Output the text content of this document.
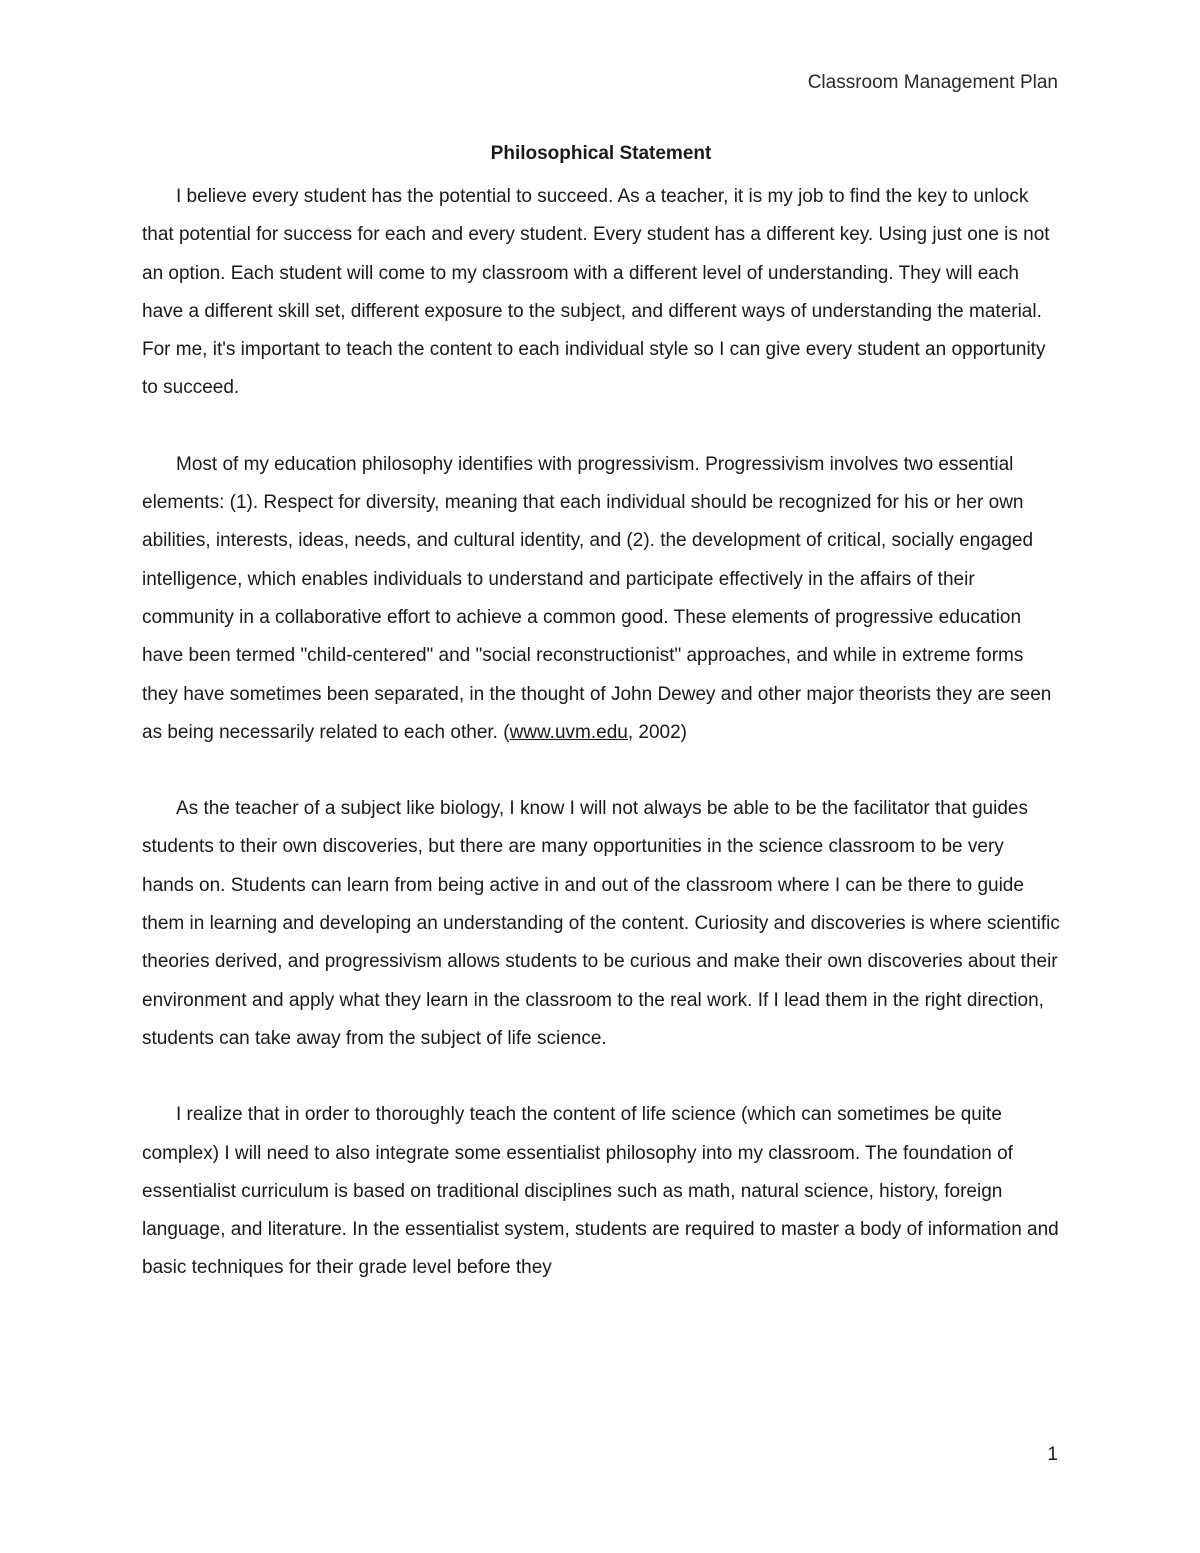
Classroom Management Plan
Philosophical Statement

I believe every student has the potential to succeed. As a teacher, it is my job to find the key to unlock that potential for success for each and every student. Every student has a different key. Using just one is not an option. Each student will come to my classroom with a different level of understanding. They will each have a different skill set, different exposure to the subject, and different ways of understanding the material. For me, it's important to teach the content to each individual style so I can give every student an opportunity to succeed.

Most of my education philosophy identifies with progressivism. Progressivism involves two essential elements: (1). Respect for diversity, meaning that each individual should be recognized for his or her own abilities, interests, ideas, needs, and cultural identity, and (2). the development of critical, socially engaged intelligence, which enables individuals to understand and participate effectively in the affairs of their community in a collaborative effort to achieve a common good. These elements of progressive education have been termed "child-centered" and "social reconstructionist" approaches, and while in extreme forms they have sometimes been separated, in the thought of John Dewey and other major theorists they are seen as being necessarily related to each other. (www.uvm.edu, 2002)

As the teacher of a subject like biology, I know I will not always be able to be the facilitator that guides students to their own discoveries, but there are many opportunities in the science classroom to be very hands on. Students can learn from being active in and out of the classroom where I can be there to guide them in learning and developing an understanding of the content. Curiosity and discoveries is where scientific theories derived, and progressivism allows students to be curious and make their own discoveries about their environment and apply what they learn in the classroom to the real work. If I lead them in the right direction, students can take away from the subject of life science.

I realize that in order to thoroughly teach the content of life science (which can sometimes be quite complex) I will need to also integrate some essentialist philosophy into my classroom. The foundation of essentialist curriculum is based on traditional disciplines such as math, natural science, history, foreign language, and literature. In the essentialist system, students are required to master a body of information and basic techniques for their grade level before they

1
